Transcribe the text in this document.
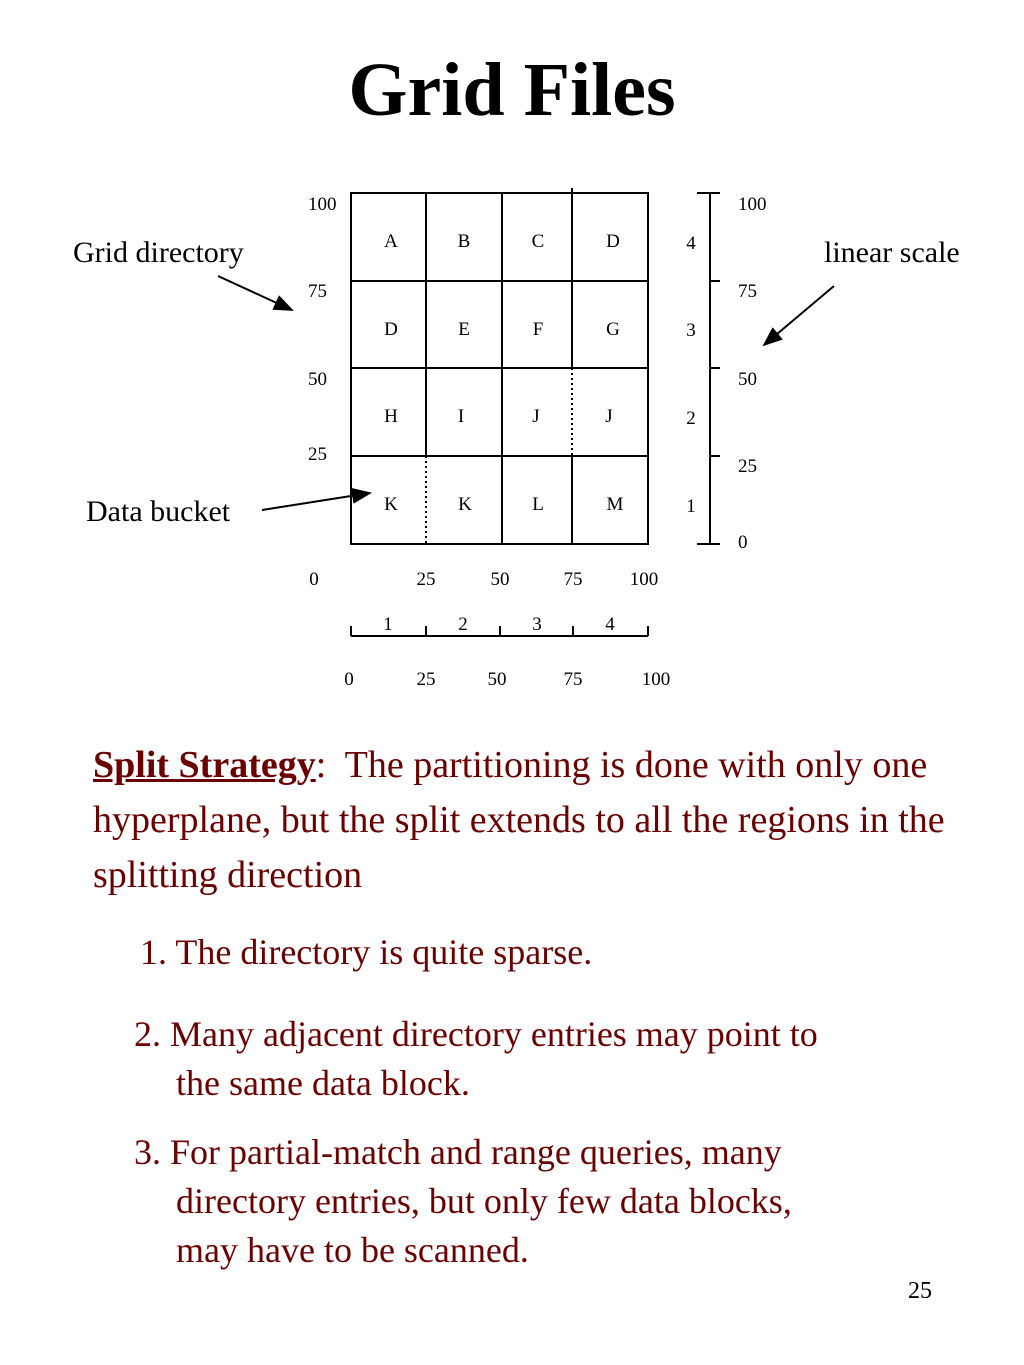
Grid Files
Grid directory	linear scale
Data bucket
A	B	C	D
D	E	F	G
H	I	J	J
K	K	L	M
100
75
50
25
0	25	50	75 100
1	2	3	4
0	25	50	75	100
4
3
2
1
100
75
50
25
0
Split Strategy: The partitioning is done with only one hyperplane, but the split extends to all the regions in the splitting direction
1. The directory is quite sparse.
2. Many adjacent directory entries may point to
the same data block.
3. For partial-match and range queries, many
directory entries, but only few data blocks,
may have to be scanned.
25
